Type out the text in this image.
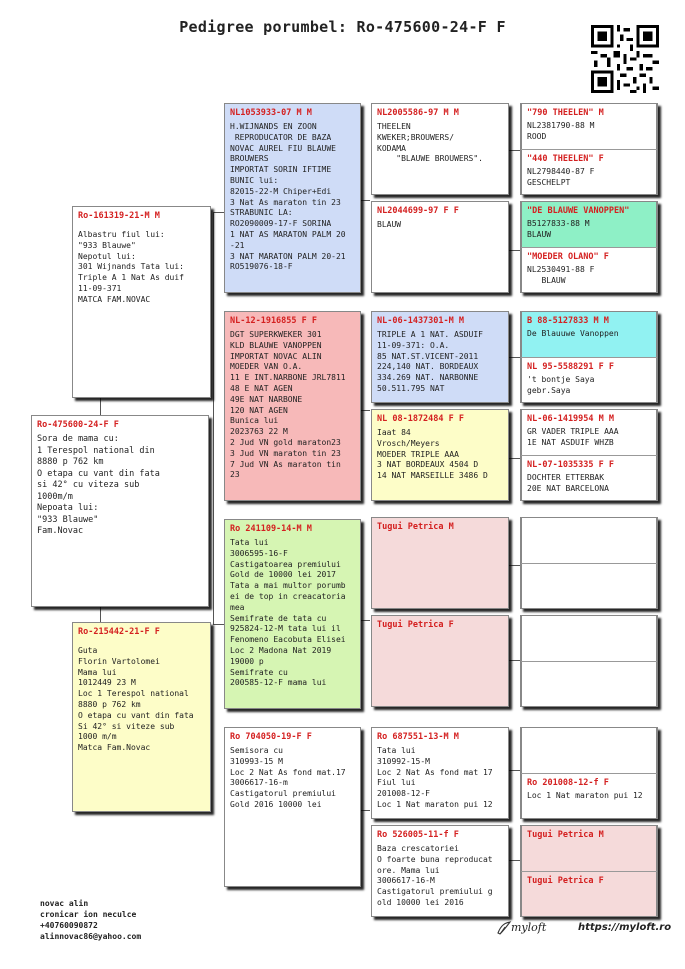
Pedigree porumbel: Ro-475600-24-F F
Ro-475600-24-F F
Sora de mama cu:
1 Terespol national din
8880 p 762 km
O etapa cu vant din fata
si 42° cu viteza sub
1000m/m
Nepoata lui:
"933 Blauwe"
Fam.Novac
Ro-161319-21-M M
Albastru fiul lui:
"933 Blauwe"
Nepotul lui:
301 Wijnands Tata lui:
Triple A 1 Nat As duif
11-09-371
MATCA FAM.NOVAC
Ro-215442-21-F F
Guta
Florin Vartolomei
Mama lui
1012449 23 M
Loc 1 Terespol national
8880 p 762 km
O etapa cu vant din fata
Si 42° si viteze sub
1000 m/m
Matca Fam.Novac
NL1053933-07 M M
H.WIJNANDS EN ZOON
REPRODUCATOR DE BAZA
NOVAC AUREL FIU BLAUWE
BROUWERS
IMPORTAT SORIN IFTIME
BUNIC lui:
82015-22-M Chiper+Edi
3 Nat As maraton tin 23
STRABUNIC LA:
RO2090009-17-F SORINA
1 NAT AS MARATON PALM 20
-21
3 NAT MARATON PALM 20-21
RO519076-18-F
NL-12-1916855 F F
DGT SUPERKWEKER 301
KLD BLAUWE VANOPPEN
IMPORTAT NOVAC ALIN
MOEDER VAN O.A.
11 E INT.NARBONE JRL7811
48 E NAT AGEN
49E NAT NARBONE
120 NAT AGEN
Bunica lui
2023763 22 M
2 Jud VN gold maraton23
3 Jud VN maraton tin 23
7 Jud VN As maraton tin
23
Ro 241109-14-M M
Tata lui
3006595-16-F
Castigatoarea premiului
Gold de 10000 lei 2017
Tata a mai multor porumb
ei de top in creacatoria
mea
Semifrate de tata cu
925824-12-M tata lui il
Fenomeno Eacobuta Elisei
Loc 2 Madona Nat 2019
19000 p
Semifrate cu
200585-12-F mama lui
Ro 704050-19-F F
Semisora cu
310993-15 M
Loc 2 Nat As fond mat.17
3006617-16-m
Castigatorul premiului
Gold 2016 10000 lei
NL2005586-97 M M
THEELEN
KWEKER;BROUWERS/
KODAMA
"BLAUWE BROUWERS".
NL2044699-97 F F
BLAUW
NL-06-1437301-M M
TRIPLE A 1 NAT. ASDUIF
11-09-371: O.A.
85 NAT.ST.VICENT-2011
224,140 NAT. BORDEAUX
334.269 NAT. NARBONNE
50.511.795 NAT
NL 08-1872484 F F
Iaat 84
Vrosch/Meyers
MOEDER TRIPLE AAA
3 NAT BORDEAUX 4504 D
14 NAT MARSEILLE 3486 D
Tugui Petrica M
Tugui Petrica F
Ro 687551-13-M M
Tata lui
310992-15-M
Loc 2 Nat As fond mat 17
Fiul lui
201008-12-F
Loc 1 Nat maraton pui 12
Ro 526005-11-f F
Baza crescatoriei
O foarte buna reproducat
ore. Mama lui
3006617-16-M
Castigatorul premiului g
old 10000 lei 2016
"790 THEELEN" M
NL2381790-88 M
ROOD
"440 THEELEN" F
NL2798440-87 F
GESCHELPT
"DE BLAUWE VANOPPEN"
B5127833-88 M
BLAUW
"MOEDER OLANO" F
NL2530491-88 F
BLAUW
B 88-5127833 M M
De Blauuwe Vanoppen
NL 95-5588291 F F
't bontje Saya
gebr.Saya
NL-06-1419954 M M
GR VADER TRIPLE AAA
1E NAT ASDUIF WHZB
NL-07-1035335 F F
DOCHTER ETTERBAK
20E NAT BARCELONA
Ro 201008-12-f F
Loc 1 Nat maraton pui 12
Tugui Petrica M
Tugui Petrica F
novac alin
cronicar ion neculce
+40760090872
alinnovac86@yahoo.com
myloft	https://myloft.ro
